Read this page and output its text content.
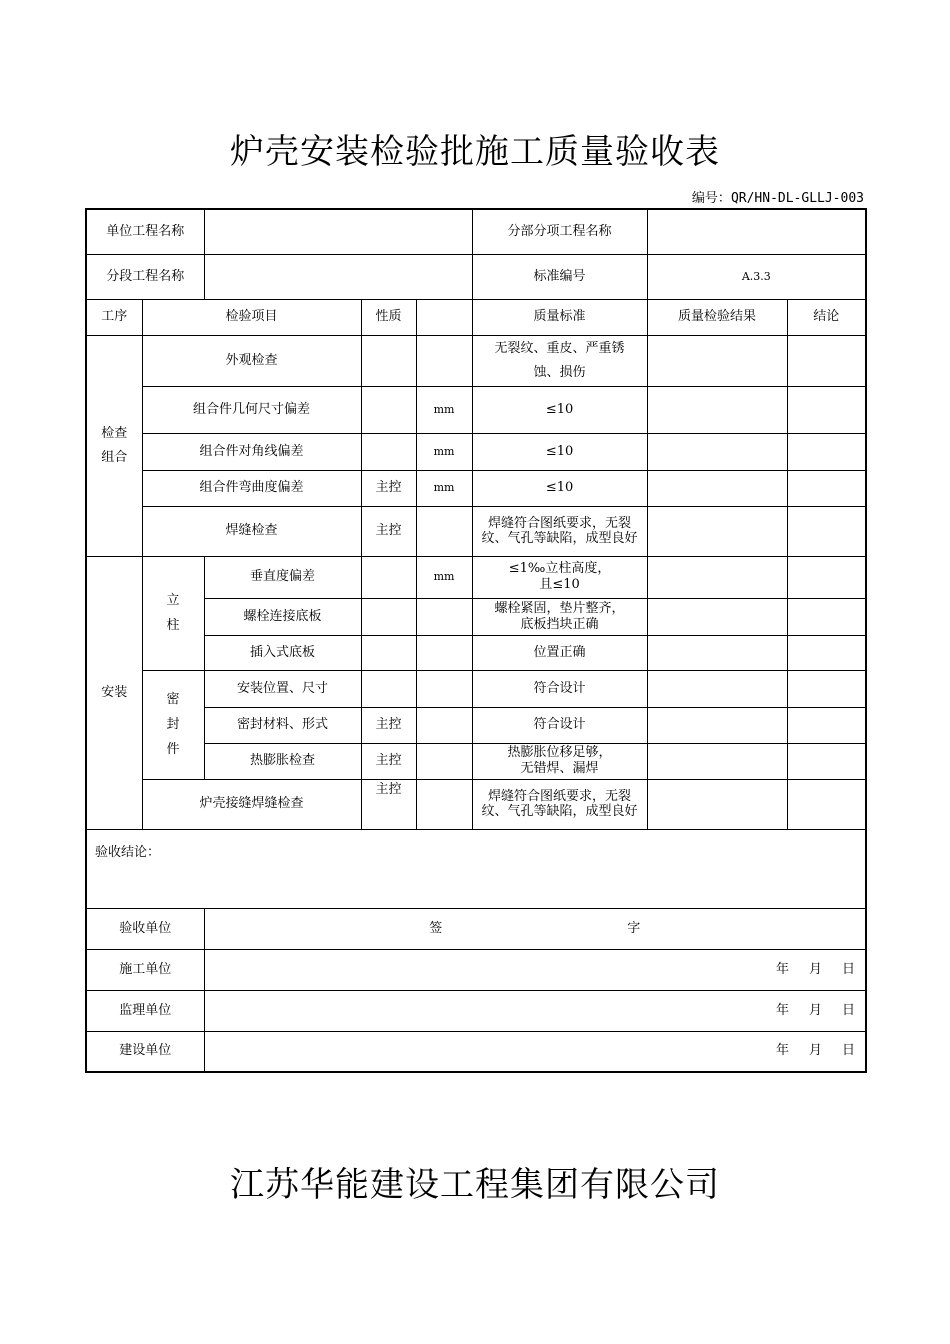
炉壳安装检验批施工质量验收表
编号：QR/HN-DL-GLLJ-003
单位工程名称					分部分项工程名称		
分段工程名称					标准编号	A.3.3	
工序	检验项目		性质		质量标准	质量检验结果	结论
检查组合	外观检查				无裂纹、重皮、严重锈蚀、损伤		
	组合件几何尺寸偏差			mm	≤10		
	组合件对角线偏差			mm	≤10		
	组合件弯曲度偏差		主控	mm	≤10		
	焊缝检查		主控		焊缝符合图纸要求，无裂纹、气孔等缺陷，成型良好		
安装	立柱	垂直度偏差		mm	≤1‰立柱高度，
且≤10		

		螺栓连接底板			螺栓紧固，垫片整齐，
底板挡块正确		

		插入式底板			位置正确		
	密封件	安装位置、尺寸			符合设计		
		密封材料、形式	主控		符合设计		
		热膨胀检查	主控		热膨胀位移足够，
无错焊、漏焊		

	炉壳接缝焊缝检查		主控		焊缝符合图纸要求，无裂纹、气孔等缺陷，成型良好		
验收结论：							
验收单位		签 字					
施工单位		年 月 日					
监理单位		年 月 日					
建设单位		年 月 日					
江苏华能建设工程集团有限公司
